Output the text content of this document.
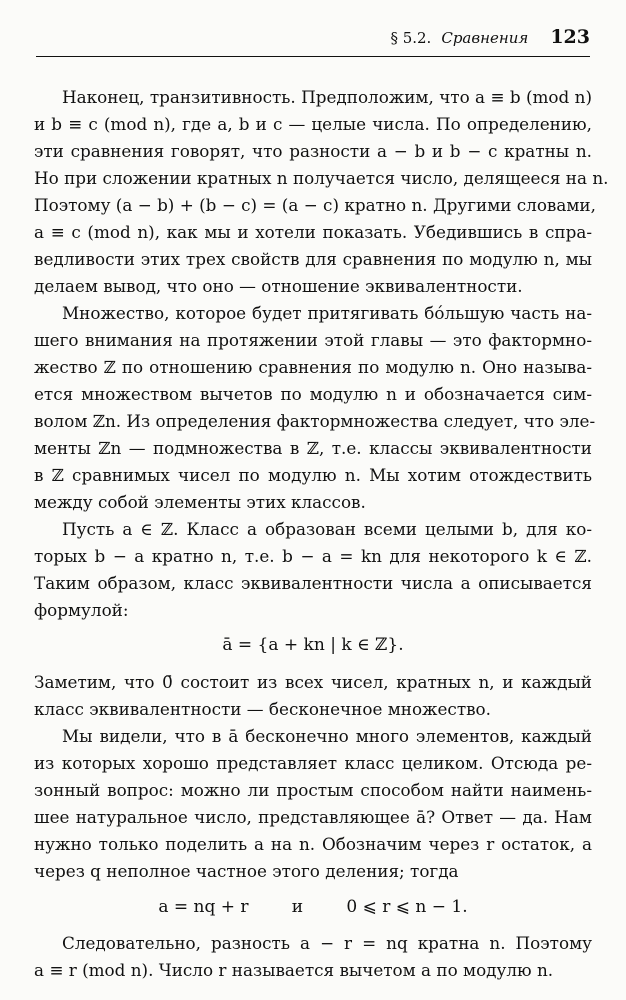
§ 5.2. Сравнения 123
Наконец, транзитивность. Предположим, что a ≡ b (mod n)
и b ≡ c (mod n), где a, b и c — целые числа. По определению,
эти сравнения говорят, что разности a − b и b − c кратны n.
Но при сложении кратных n получается число, делящееся на n.
Поэтому (a − b) + (b − c) = (a − c) кратно n. Другими словами,
a ≡ c (mod n), как мы и хотели показать. Убедившись в спра-
ведливости этих трех свойств для сравнения по модулю n, мы
делаем вывод, что оно — отношение эквивалентности.
Множество, которое будет притягивать бóльшую часть на-
шего внимания на протяжении этой главы — это фактормно-
жество ℤ по отношению сравнения по модулю n. Оно называ-
ется множеством вычетов по модулю n и обозначается сим-
волом ℤn. Из определения фактормножества следует, что эле-
менты ℤn — подмножества в ℤ, т.е. классы эквивалентности
в ℤ сравнимых чисел по модулю n. Мы хотим отождествить
между собой элементы этих классов.
Пусть a ∈ ℤ. Класс a образован всеми целыми b, для ко-
торых b − a кратно n, т.е. b − a = kn для некоторого k ∈ ℤ.
Таким образом, класс эквивалентности числа a описывается
формулой:
ā = {a + kn | k ∈ ℤ}.
Заметим, что 0̄ состоит из всех чисел, кратных n, и каждый
класс эквивалентности — бесконечное множество.
Мы видели, что в ā бесконечно много элементов, каждый
из которых хорошо представляет класс целиком. Отсюда ре-
зонный вопрос: можно ли простым способом найти наимень-
шее натуральное число, представляющее ā? Ответ — да. Нам
нужно только поделить a на n. Обозначим через r остаток, а
через q неполное частное этого деления; тогда
a = nq + r        и        0 ⩽ r ⩽ n − 1.
Следовательно, разность a − r = nq кратна n. Поэтому
a ≡ r (mod n). Число r называется вычетом a по модулю n.
